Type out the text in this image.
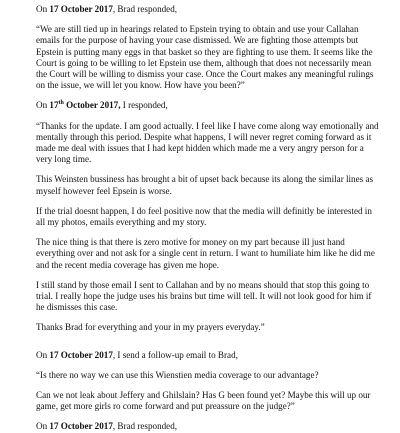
On 17 October 2017, Brad responded,

“We are still tied up in hearings related to Epstein trying to obtain and use your Callahan emails for the purpose of having your case dismissed. We are fighting those attempts but Epstein is putting many eggs in that basket so they are fighting to use them. It seems like the Court is going to be willing to let Epstein use them, although that does not necessarily mean the Court will be willing to dismiss your case. Once the Court makes any meaningful rulings on the issue, we will let you know. How have you been?”

On 17th October 2017, I responded,

“Thanks for the update. I am good actually. I feel like I have come along way emotionally and mentally through this period. Despite what happens, I will never regret coming forward as it made me deal with issues that I had kept hidden which made me a very angry person for a very long time.

This Weinsten bussiness has brought a bit of upset back because its along the similar lines as myself however feel Epsein is worse.

If the trial doesnt happen, I do feel positive now that the media will definitly be interested in all my photos, emails everything and my story.

The nice thing is that there is zero motive for money on my part because ill just hand everything over and not ask for a single cent in return. I want to humiliate him like he did me and the recent media coverage has given me hope.

I still stand by those email I sent to Callahan and by no means should that stop this going to trial. I really hope the judge uses his brains but time will tell. It will not look good for him if he dismisses this case.

Thanks Brad for everything and your in my prayers everyday.”

On 17 October 2017, I send a follow-up email to Brad,

“Is there no way we can use this Wienstien media coverage to our advantage?

Can we not leak about Jeffery and Ghilslain? Has G been found yet? Maybe this will up our game, get more girls ro come forward and put preassure on the judge?”

On 17 October 2017, Brad responded,
